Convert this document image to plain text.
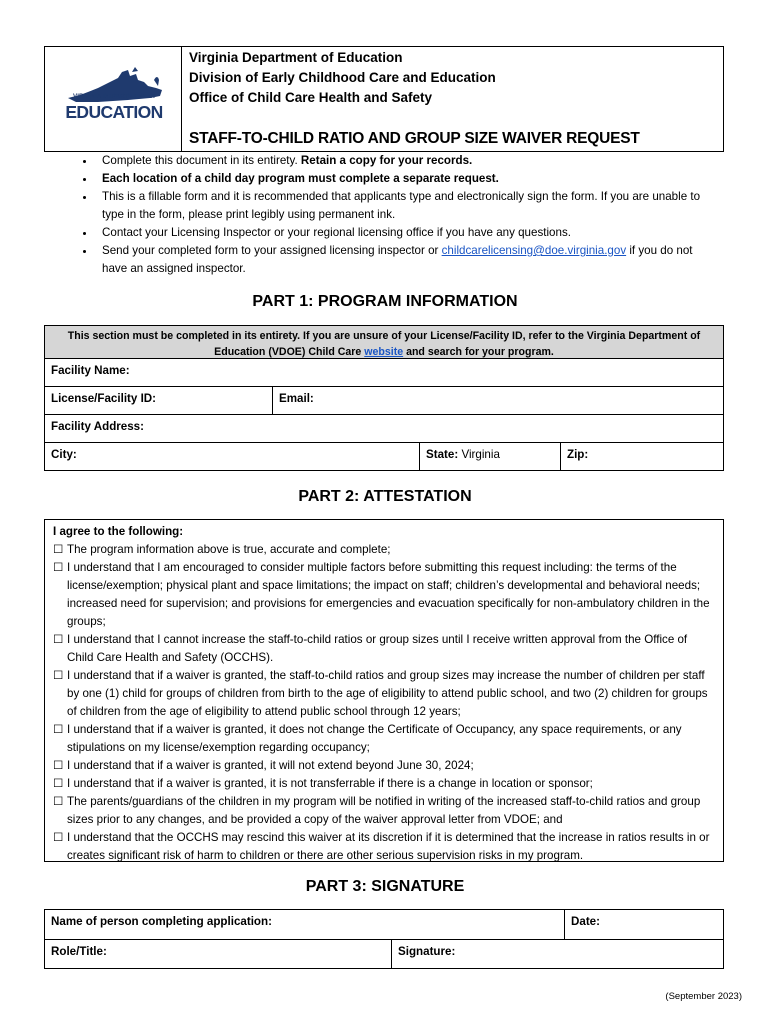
VIRGINIA DEPARTMENT OF
EDUCATION
Virginia Department of Education
Division of Early Childhood Care and Education
Office of Child Care Health and Safety
STAFF-TO-CHILD RATIO AND GROUP SIZE WAIVER REQUEST
• Complete this document in its entirety. Retain a copy for your records.
• Each location of a child day program must complete a separate request.
• This is a fillable form and it is recommended that applicants type and electronically sign the form. If you are unable to type in the form, please print legibly using permanent ink.
• Contact your Licensing Inspector or your regional licensing office if you have any questions.
• Send your completed form to your assigned licensing inspector or childcarelicensing@doe.virginia.gov if you do not have an assigned inspector.
PART 1: PROGRAM INFORMATION
This section must be completed in its entirety. If you are unsure of your License/Facility ID, refer to the Virginia Department of Education (VDOE) Child Care website and search for your program.
Facility Name:
License/Facility ID:	Email:
Facility Address:
City:	State: Virginia	Zip:
PART 2: ATTESTATION
I agree to the following:
☐ The program information above is true, accurate and complete;
☐ I understand that I am encouraged to consider multiple factors before submitting this request including: the terms of the license/exemption; physical plant and space limitations; the impact on staff; children’s developmental and behavioral needs; increased need for supervision; and provisions for emergencies and evacuation specifically for non-ambulatory children in the groups;
☐ I understand that I cannot increase the staff-to-child ratios or group sizes until I receive written approval from the Office of Child Care Health and Safety (OCCHS).
☐ I understand that if a waiver is granted, the staff-to-child ratios and group sizes may increase the number of children per staff by one (1) child for groups of children from birth to the age of eligibility to attend public school, and two (2) children for groups of children from the age of eligibility to attend public school through 12 years;
☐ I understand that if a waiver is granted, it does not change the Certificate of Occupancy, any space requirements, or any stipulations on my license/exemption regarding occupancy;
☐ I understand that if a waiver is granted, it will not extend beyond June 30, 2024;
☐ I understand that if a waiver is granted, it is not transferrable if there is a change in location or sponsor;
☐ The parents/guardians of the children in my program will be notified in writing of the increased staff-to-child ratios and group sizes prior to any changes, and be provided a copy of the waiver approval letter from VDOE; and
☐ I understand that the OCCHS may rescind this waiver at its discretion if it is determined that the increase in ratios results in or creates significant risk of harm to children or there are other serious supervision risks in my program.
PART 3: SIGNATURE
Name of person completing application:	Date:
Role/Title:	Signature:
(September 2023)
